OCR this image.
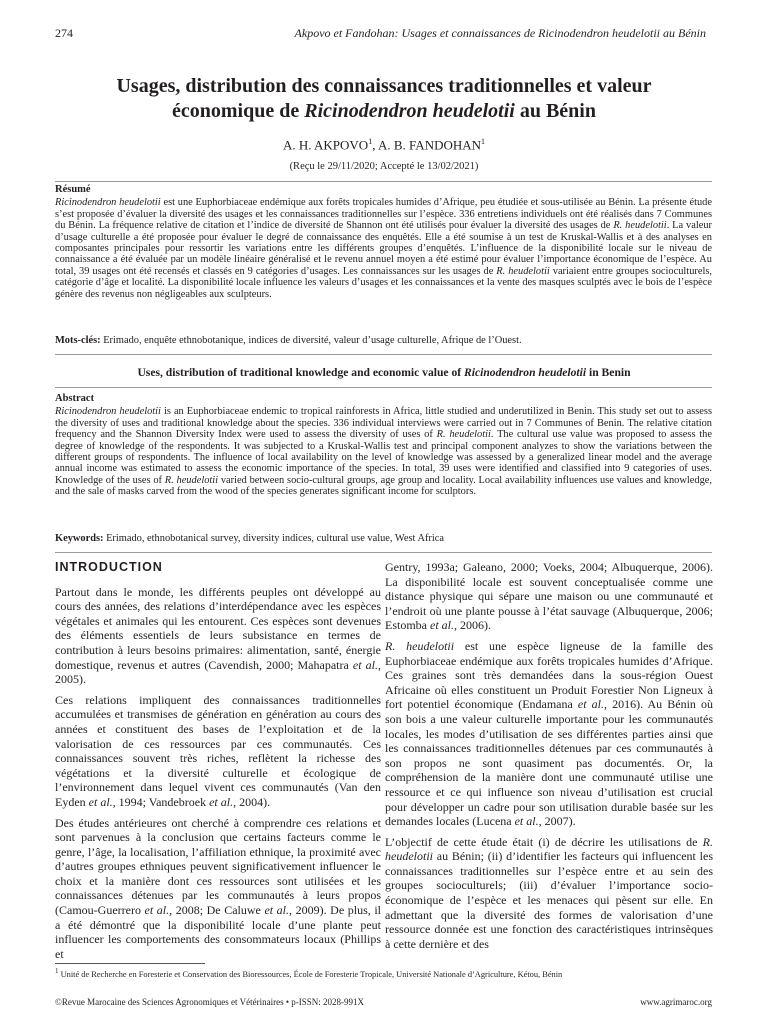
274	Akpovo et Fandohan: Usages et connaissances de Ricinodendron heudelotii au Bénin
Usages, distribution des connaissances traditionnelles et valeur
économique de Ricinodendron heudelotii au Bénin
A. H. AKPOVO$^1$, A. B. FANDOHAN$^1$
(Reçu le 29/11/2020; Accepté le 13/02/2021)
Résumé
Ricinodendron heudelotii est une Euphorbiaceae endémique aux forêts tropicales humides d’Afrique, peu étudiée et sous-utilisée au Bénin. La présente étude s’est proposée d’évaluer la diversité des usages et les connaissances traditionnelles sur l’espèce. 336 entretiens individuels ont été réalisés dans 7 Communes du Bénin. La fréquence relative de citation et l’indice de diversité de Shannon ont été utilisés pour évaluer la diversité des usages de R. heudelotii. La valeur d’usage culturelle a été proposée pour évaluer le degré de connaissance des enquêtés. Elle a été soumise à un test de Kruskal-Wallis et à des analyses en composantes principales pour ressortir les variations entre les différents groupes d’enquêtés. L’influence de la disponibilité locale sur le niveau de connaissance a été évaluée par un modèle linéaire généralisé et le revenu annuel moyen a été estimé pour évaluer l’importance économique de l’espèce. Au total, 39 usages ont été recensés et classés en 9 catégories d’usages. Les connaissances sur les usages de R. heudelotii variaient entre groupes socioculturels, catégorie d’âge et localité. La disponibilité locale influence les valeurs d’usages et les connaissances et la vente des masques sculptés avec le bois de l’espèce génère des revenus non négligeables aux sculpteurs.
Mots-clés: Erimado, enquête ethnobotanique, indices de diversité, valeur d’usage culturelle, Afrique de l’Ouest.
Uses, distribution of traditional knowledge and economic value of Ricinodendron heudelotii in Benin
Abstract
Ricinodendron heudelotii is an Euphorbiaceae endemic to tropical rainforests in Africa, little studied and underutilized in Benin. This study set out to assess the diversity of uses and traditional knowledge about the species. 336 individual interviews were carried out in 7 Communes of Benin. The relative citation frequency and the Shannon Diversity Index were used to assess the diversity of uses of R. heudelotii. The cultural use value was proposed to assess the degree of knowledge of the respondents. It was subjected to a Kruskal-Wallis test and principal component analyzes to show the variations between the different groups of respondents. The influence of local availability on the level of knowledge was assessed by a generalized linear model and the average annual income was estimated to assess the economic importance of the species. In total, 39 uses were identified and classified into 9 categories of uses. Knowledge of the uses of R. heudelotii varied between socio-cultural groups, age group and locality. Local availability influences use values and knowledge, and the sale of masks carved from the wood of the species generates significant income for sculptors.
Keywords: Erimado, ethnobotanical survey, diversity indices, cultural use value, West Africa
INTRODUCTION

Partout dans le monde, les différents peuples ont développé au cours des années, des relations d’interdépendance avec les espèces végétales et animales qui les entourent. Ces espèces sont devenues des éléments essentiels de leurs subsistance en termes de contribution à leurs besoins primaires: alimentation, santé, énergie domestique, revenus et autres (Cavendish, 2000; Mahapatra et al., 2005).

Ces relations impliquent des connaissances traditionnelles accumulées et transmises de génération en génération au cours des années et constituent des bases de l’exploitation et de la valorisation de ces ressources par ces communautés. Ces connaissances souvent très riches, reflètent la richesse des végétations et la diversité culturelle et écologique de l’environnement dans lequel vivent ces communautés (Van den Eyden et al., 1994; Vandebroek et al., 2004).

Des études antérieures ont cherché à comprendre ces relations et sont parvenues à la conclusion que certains facteurs comme le genre, l’âge, la localisation, l’affiliation ethnique, la proximité avec d’autres groupes ethniques peuvent significativement influencer le choix et la manière dont ces ressources sont utilisées et les connaissances détenues par les communautés à leurs propos (Camou-Guerrero et al., 2008; De Caluwe et al., 2009). De plus, il a été démontré que la disponibilité locale d’une plante peut influencer les comportements des consommateurs locaux (Phillips et

Gentry, 1993a; Galeano, 2000; Voeks, 2004; Albuquerque, 2006). La disponibilité locale est souvent conceptualisée comme une distance physique qui sépare une maison ou une communauté et l’endroit où une plante pousse à l’état sauvage (Albuquerque, 2006; Estomba et al., 2006).

R. heudelotii est une espèce ligneuse de la famille des Euphorbiaceae endémique aux forêts tropicales humides d’Afrique. Ces graines sont très demandées dans la sous-région Ouest Africaine où elles constituent un Produit Forestier Non Ligneux à fort potentiel économique (Endamana et al., 2016). Au Bénin où son bois a une valeur culturelle importante pour les communautés locales, les modes d’utilisation de ses différentes parties ainsi que les connaissances traditionnelles détenues par ces communautés à son propos ne sont quasiment pas documentés. Or, la compréhension de la manière dont une communauté utilise une ressource et ce qui influence son niveau d’utilisation est crucial pour développer un cadre pour son utilisation durable basée sur les demandes locales (Lucena et al., 2007).

L’objectif de cette étude était (i) de décrire les utilisations de R. heudelotii au Bénin; (ii) d’identifier les facteurs qui influencent les connaissances traditionnelles sur l’espèce entre et au sein des groupes socioculturels; (iii) d’évaluer l’importance socio-économique de l’espèce et les menaces qui pèsent sur elle. En admettant que la diversité des formes de valorisation d’une ressource donnée est une fonction des caractéristiques intrinsèques à cette dernière et des

$^1$ Unité de Recherche en Foresterie et Conservation des Bioressources, École de Foresterie Tropicale, Université Nationale d’Agriculture, Kétou, Bénin
©Revue Marocaine des Sciences Agronomiques et Vétérinaires • p-ISSN: 2028-991X	www.agrimaroc.org
